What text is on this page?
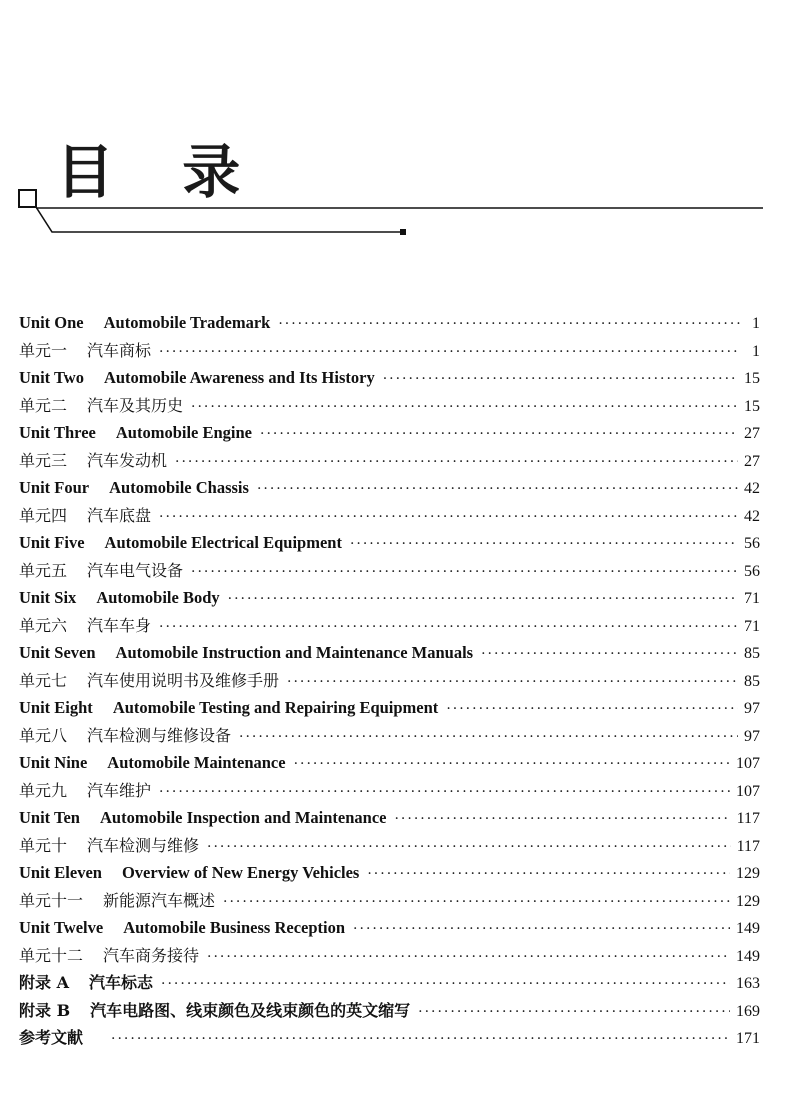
目 录
Unit One Automobile Trademark ·····	1
单元一 汽车商标 ·····	1
Unit Two Automobile Awareness and Its History ·····	15
单元二 汽车及其历史 ·····	15
Unit Three Automobile Engine ·····	27
单元三 汽车发动机 ·····	27
Unit Four Automobile Chassis ·····	42
单元四 汽车底盘 ·····	42
Unit Five Automobile Electrical Equipment ·····	56
单元五 汽车电气设备 ·····	56
Unit Six Automobile Body ·····	71
单元六 汽车车身 ·····	71
Unit Seven Automobile Instruction and Maintenance Manuals ·····	85
单元七 汽车使用说明书及维修手册 ·····	85
Unit Eight Automobile Testing and Repairing Equipment ·····	97
单元八 汽车检测与维修设备 ·····	97
Unit Nine Automobile Maintenance ·····	107
单元九 汽车维护 ·····	107
Unit Ten Automobile Inspection and Maintenance ·····	117
单元十 汽车检测与维修 ·····	117
Unit Eleven Overview of New Energy Vehicles ·····	129
单元十一 新能源汽车概述 ·····	129
Unit Twelve Automobile Business Reception ·····	149
单元十二 汽车商务接待 ·····	149
附录 A 汽车标志 ·····	163
附录 B 汽车电路图、线束颜色及线束颜色的英文缩写 ·····	169
参考文献 ·····	171
